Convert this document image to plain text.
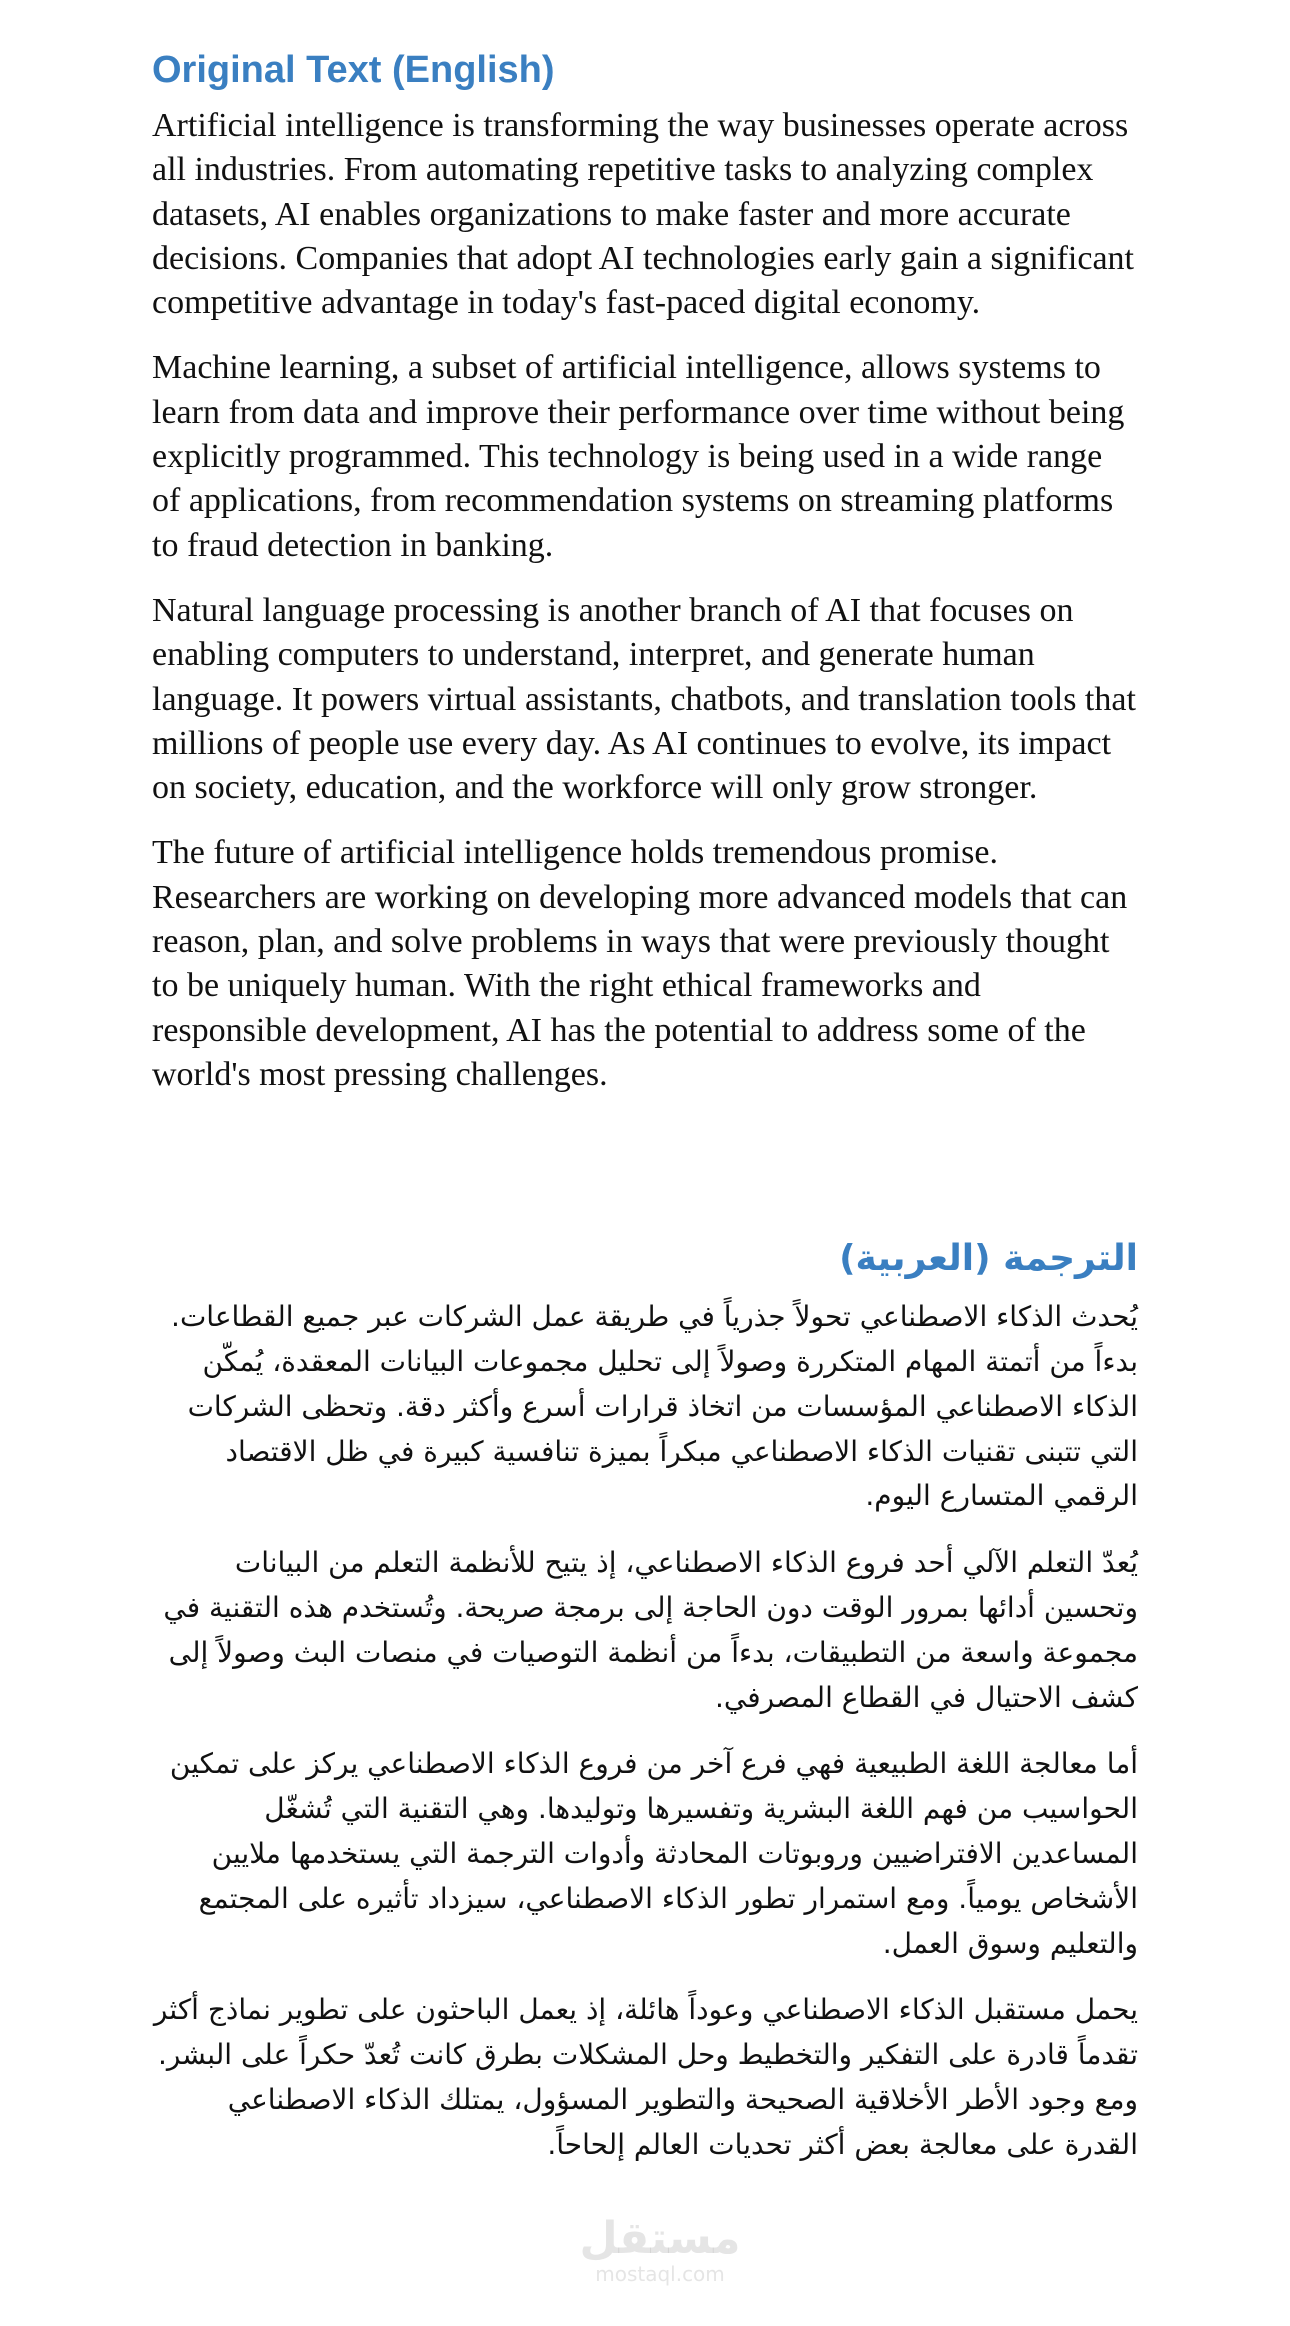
Original Text (English)

Artificial intelligence is transforming the way businesses operate across all industries. From automating repetitive tasks to analyzing complex datasets, AI enables organizations to make faster and more accurate decisions. Companies that adopt AI technologies early gain a significant competitive advantage in today's fast-paced digital economy.

Machine learning, a subset of artificial intelligence, allows systems to learn from data and improve their performance over time without being explicitly programmed. This technology is being used in a wide range of applications, from recommendation systems on streaming platforms to fraud detection in banking.

Natural language processing is another branch of AI that focuses on enabling computers to understand, interpret, and generate human language. It powers virtual assistants, chatbots, and translation tools that millions of people use every day. As AI continues to evolve, its impact on society, education, and the workforce will only grow stronger.

The future of artificial intelligence holds tremendous promise. Researchers are working on developing more advanced models that can reason, plan, and solve problems in ways that were previously thought to be uniquely human. With the right ethical frameworks and responsible development, AI has the potential to address some of the world's most pressing challenges.

الترجمة (العربية)

يُحدث الذكاء الاصطناعي تحولاً جذرياً في طريقة عمل الشركات عبر جميع القطاعات. بدءاً من أتمتة المهام المتكررة وصولاً إلى تحليل مجموعات البيانات المعقدة، يُمكّن الذكاء الاصطناعي المؤسسات من اتخاذ قرارات أسرع وأكثر دقة. وتحظى الشركات التي تتبنى تقنيات الذكاء الاصطناعي مبكراً بميزة تنافسية كبيرة في ظل الاقتصاد الرقمي المتسارع اليوم.

يُعدّ التعلم الآلي أحد فروع الذكاء الاصطناعي، إذ يتيح للأنظمة التعلم من البيانات وتحسين أدائها بمرور الوقت دون الحاجة إلى برمجة صريحة. وتُستخدم هذه التقنية في مجموعة واسعة من التطبيقات، بدءاً من أنظمة التوصيات في منصات البث وصولاً إلى كشف الاحتيال في القطاع المصرفي.

أما معالجة اللغة الطبيعية فهي فرع آخر من فروع الذكاء الاصطناعي يركز على تمكين الحواسيب من فهم اللغة البشرية وتفسيرها وتوليدها. وهي التقنية التي تُشغّل المساعدين الافتراضيين وروبوتات المحادثة وأدوات الترجمة التي يستخدمها ملايين الأشخاص يومياً. ومع استمرار تطور الذكاء الاصطناعي، سيزداد تأثيره على المجتمع والتعليم وسوق العمل.

يحمل مستقبل الذكاء الاصطناعي وعوداً هائلة، إذ يعمل الباحثون على تطوير نماذج أكثر تقدماً قادرة على التفكير والتخطيط وحل المشكلات بطرق كانت تُعدّ حكراً على البشر. ومع وجود الأطر الأخلاقية الصحيحة والتطوير المسؤول، يمتلك الذكاء الاصطناعي القدرة على معالجة بعض أكثر تحديات العالم إلحاحاً.

مستقل
mostaql.com
